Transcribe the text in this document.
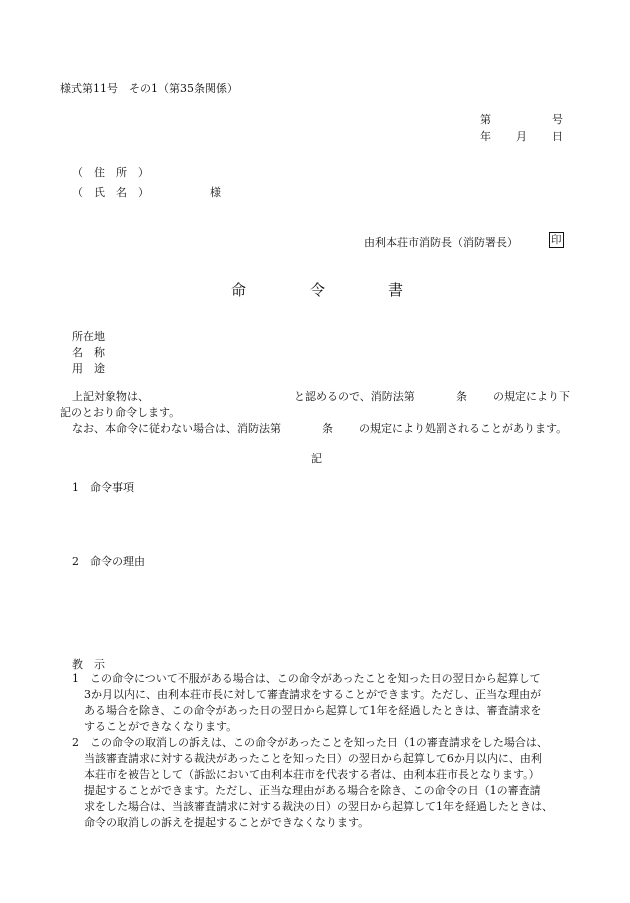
様式第11号　その1（第35条関係）
第	号
年 月 日
（　住　所　）
（　氏　名　）	様
由利本荘市消防長（消防署長）	印
命	令	書
所在地
名　称
用　途
上記対象物は、	と認めるので、消防法第	条 の規定により下
記のとおり命令します。
なお、本命令に従わない場合は、消防法第	条 の規定により処罰されることがあります。
記
1　命令事項
2　命令の理由
教　示
1　この命令について不服がある場合は、この命令があったことを知った日の翌日から起算して
3か月以内に、由利本荘市長に対して審査請求をすることができます。ただし、正当な理由が
ある場合を除き、この命令があった日の翌日から起算して1年を経過したときは、審査請求を
することができなくなります。
2　この命令の取消しの訴えは、この命令があったことを知った日（1の審査請求をした場合は、
当該審査請求に対する裁決があったことを知った日）の翌日から起算して6か月以内に、由利
本荘市を被告として（訴訟において由利本荘市を代表する者は、由利本荘市長となります。）
提起することができます。ただし、正当な理由がある場合を除き、この命令の日（1の審査請
求をした場合は、当該審査請求に対する裁決の日）の翌日から起算して1年を経過したときは、
命令の取消しの訴えを提起することができなくなります。
